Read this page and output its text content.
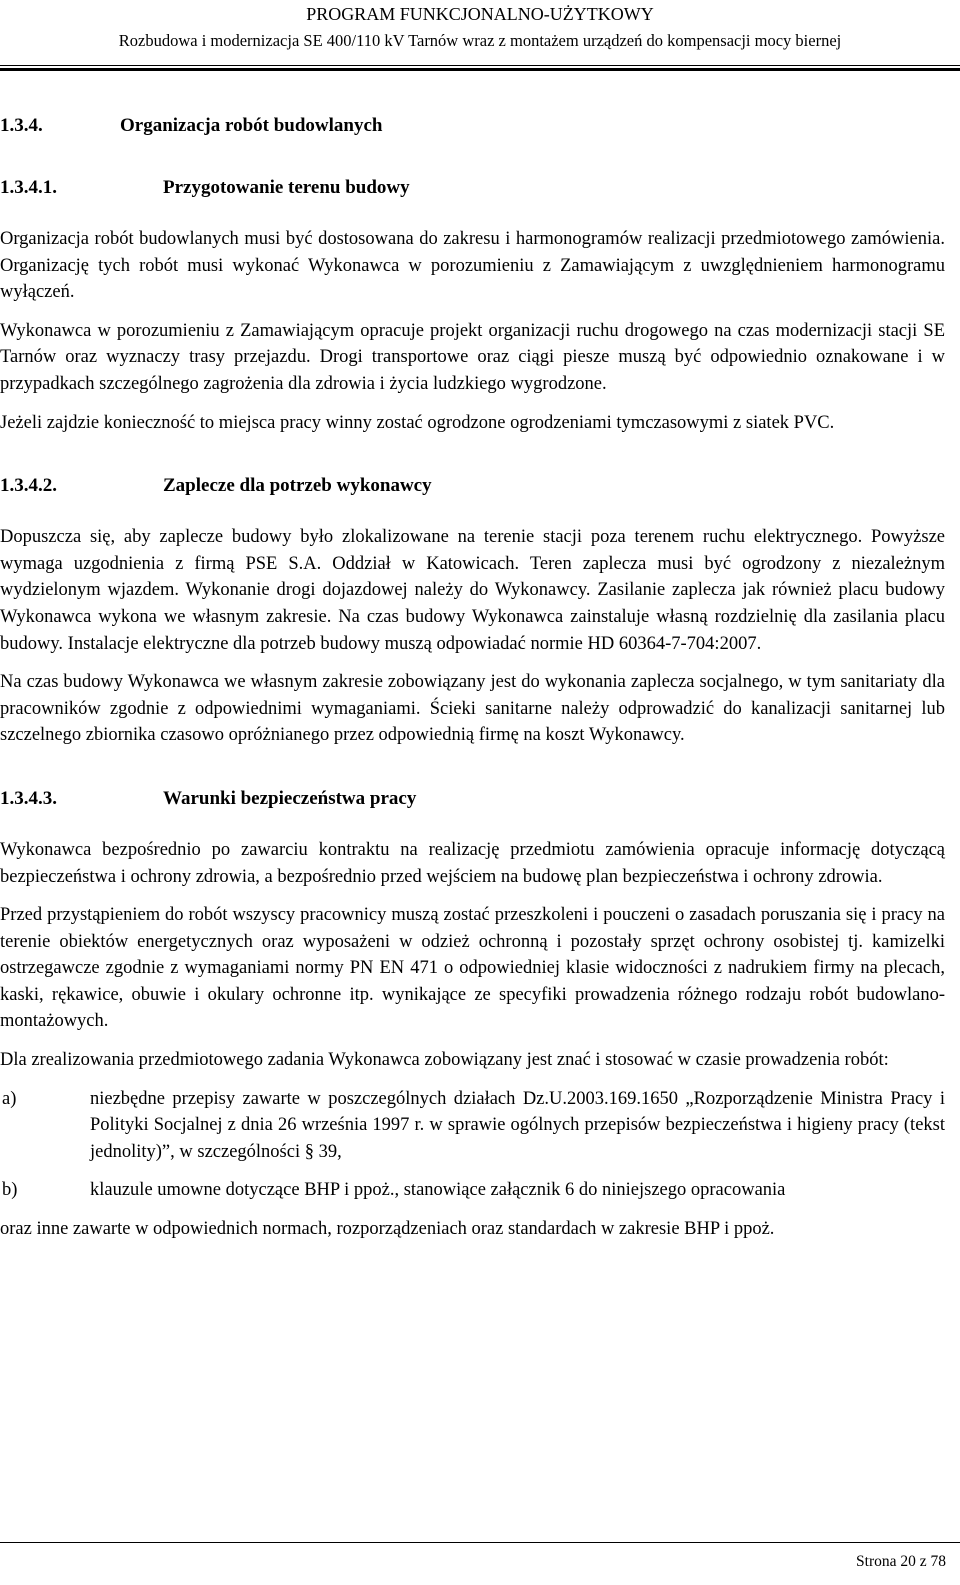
PROGRAM FUNKCJONALNO-UŻYTKOWY
Rozbudowa i modernizacja SE 400/110 kV Tarnów wraz z montażem urządzeń do kompensacji mocy biernej
1.3.4.	Organizacja robót budowlanych
1.3.4.1.	Przygotowanie terenu budowy

Organizacja robót budowlanych musi być dostosowana do zakresu i harmonogramów realizacji przedmiotowego zamówienia. Organizację tych robót musi wykonać Wykonawca w porozumieniu z Zamawiającym z uwzględnieniem harmonogramu wyłączeń.

Wykonawca w porozumieniu z Zamawiającym opracuje projekt organizacji ruchu drogowego na czas modernizacji stacji SE Tarnów oraz wyznaczy trasy przejazdu. Drogi transportowe oraz ciągi piesze muszą być odpowiednio oznakowane i w przypadkach szczególnego zagrożenia dla zdrowia i życia ludzkiego wygrodzone.

Jeżeli zajdzie konieczność to miejsca pracy winny zostać ogrodzone ogrodzeniami tymczasowymi z siatek PVC.

1.3.4.2.	Zaplecze dla potrzeb wykonawcy

Dopuszcza się, aby zaplecze budowy było zlokalizowane na terenie stacji poza terenem ruchu elektrycznego. Powyższe wymaga uzgodnienia z firmą PSE S.A. Oddział w Katowicach. Teren zaplecza musi być ogrodzony z niezależnym wydzielonym wjazdem. Wykonanie drogi dojazdowej należy do Wykonawcy. Zasilanie zaplecza jak również placu budowy Wykonawca wykona we własnym zakresie. Na czas budowy Wykonawca zainstaluje własną rozdzielnię dla zasilania placu budowy. Instalacje elektryczne dla potrzeb budowy muszą odpowiadać normie HD 60364-7-704:2007.

Na czas budowy Wykonawca we własnym zakresie zobowiązany jest do wykonania zaplecza socjalnego, w tym sanitariaty dla pracowników zgodnie z odpowiednimi wymaganiami. Ścieki sanitarne należy odprowadzić do kanalizacji sanitarnej lub szczelnego zbiornika czasowo opróżnianego przez odpowiednią firmę na koszt Wykonawcy.

1.3.4.3.	Warunki bezpieczeństwa pracy

Wykonawca bezpośrednio po zawarciu kontraktu na realizację przedmiotu zamówienia opracuje informację dotyczącą bezpieczeństwa i ochrony zdrowia, a bezpośrednio przed wejściem na budowę plan bezpieczeństwa i ochrony zdrowia.

Przed przystąpieniem do robót wszyscy pracownicy muszą zostać przeszkoleni i pouczeni o zasadach poruszania się i pracy na terenie obiektów energetycznych oraz wyposażeni w odzież ochronną i pozostały sprzęt ochrony osobistej tj. kamizelki ostrzegawcze zgodnie z wymaganiami normy PN EN 471 o odpowiedniej klasie widoczności z nadrukiem firmy na plecach, kaski, rękawice, obuwie i okulary ochronne itp. wynikające ze specyfiki prowadzenia różnego rodzaju robót budowlano-montażowych.

Dla zrealizowania przedmiotowego zadania Wykonawca zobowiązany jest znać i stosować w czasie prowadzenia robót:

a)	niezbędne przepisy zawarte w poszczególnych działach Dz.U.2003.169.1650 „Rozporządzenie Ministra Pracy i Polityki Socjalnej z dnia 26 września 1997 r. w sprawie ogólnych przepisów bezpieczeństwa i higieny pracy (tekst jednolity)”, w szczególności § 39,
b)	klauzule umowne dotyczące BHP i ppoż., stanowiące załącznik 6 do niniejszego opracowania

oraz inne zawarte w odpowiednich normach, rozporządzeniach oraz standardach w zakresie BHP i ppoż.

Strona 20 z 78
